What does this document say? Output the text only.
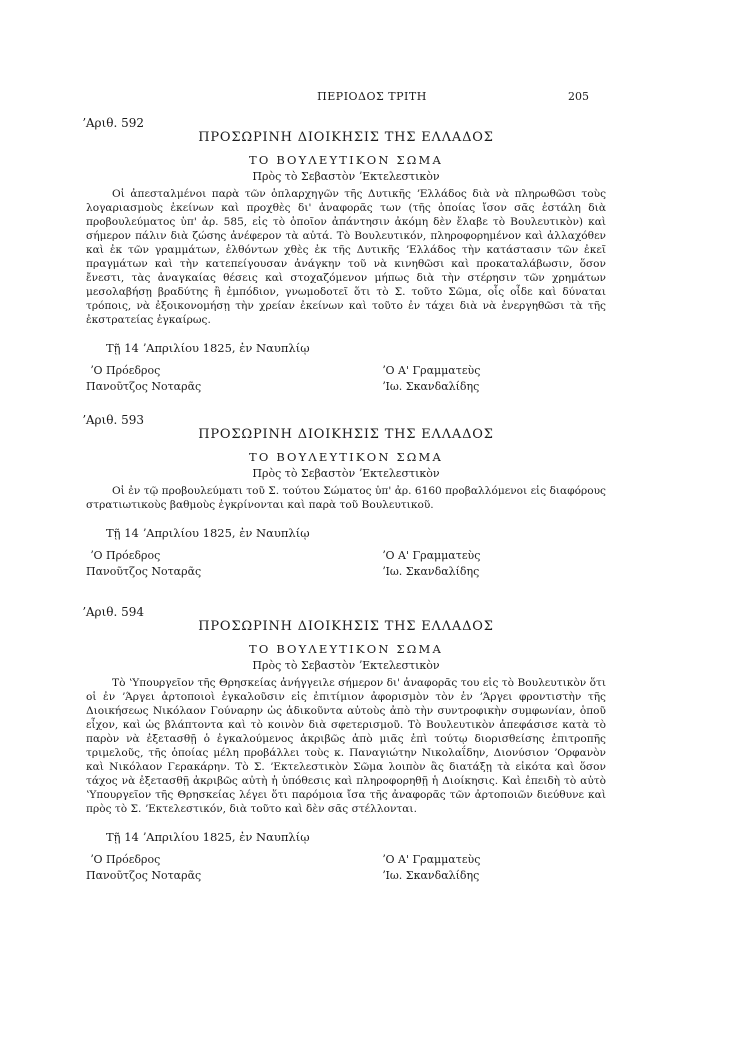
ΠΕΡΙΟΔΟΣ ΤΡΙΤΗ	205
ʼΑριθ. 592
ΠΡΟΣΩΡΙΝΗ ΔΙΟΙΚΗΣΙΣ ΤΗΣ ΕΛΛΑΔΟΣ
ΤΟ ΒΟΥΛΕΥΤΙΚΟΝ ΣΩΜΑ
Πρὸς τὸ Σεβαστὸν ʼΕκτελεστικὸν
Οἱ ἀπεσταλμένοι παρὰ τῶν ὁπλαρχηγῶν τῆς Δυτικῆς ʼΕλλάδος διὰ νὰ πληρωθῶσι τοὺς λογαριασμοὺς ἐκείνων καὶ προχθὲς δι' ἀναφορᾶς των (τῆς ὁποίας ἴσον σᾶς ἐστάλη διὰ προβουλεύματος ὑπ' ἀρ. 585, εἰς τὸ ὁποῖον ἀπάντησιν ἀκόμη δὲν ἔλαβε τὸ Βουλευτικὸν) καὶ σήμερον πάλιν διὰ ζώσης ἀνέφερον τὰ αὐτά. Τὸ Βουλευτικόν, πληροφορημένον καὶ ἀλλαχόθεν καὶ ἐκ τῶν γραμμάτων, ἐλθόντων χθὲς ἐκ τῆς Δυτικῆς ʼΕλλάδος τὴν κατάστασιν τῶν ἐκεῖ πραγμάτων καὶ τὴν κατεπείγουσαν ἀνάγκην τοῦ νὰ κινηθῶσι καὶ προκαταλάβωσιν, ὅσον ἔνεστι, τὰς ἀναγκαίας θέσεις καὶ στοχαζόμενον μήπως διὰ τὴν στέρησιν τῶν χρημάτων μεσολαβήσῃ βραδύτης ἢ ἐμπόδιον, γνωμοδοτεῖ ὅτι τὸ Σ. τοῦτο Σῶμα, οἷς οἶδε καὶ δύναται τρόποις, νὰ ἐξοικονομήσῃ τὴν χρείαν ἐκείνων καὶ τοῦτο ἐν τάχει διὰ νὰ ἐνεργηθῶσι τὰ τῆς ἐκστρατείας ἐγκαίρως.
Τῇ 14 ʼΑπριλίου 1825, ἐν Ναυπλίῳ
ʼΟ Πρόεδρος
Πανοῦτζος Νοταρᾶς
ʼΟ Α' Γραμματεὺς
ʼΙω. Σκανδαλίδης
ʼΑριθ. 593
ΠΡΟΣΩΡΙΝΗ ΔΙΟΙΚΗΣΙΣ ΤΗΣ ΕΛΛΑΔΟΣ
ΤΟ ΒΟΥΛΕΥΤΙΚΟΝ ΣΩΜΑ
Πρὸς τὸ Σεβαστὸν ʼΕκτελεστικὸν
Οἱ ἐν τῷ προβουλεύματι τοῦ Σ. τούτου Σώματος ὑπ' ἀρ. 6160 προβαλλόμενοι εἰς διαφόρους στρατιωτικοὺς βαθμοὺς ἐγκρίνονται καὶ παρὰ τοῦ Βουλευτικοῦ.
Τῇ 14 ʼΑπριλίου 1825, ἐν Ναυπλίῳ
ʼΟ Πρόεδρος
Πανοῦτζος Νοταρᾶς
ʼΟ Α' Γραμματεὺς
ʼΙω. Σκανδαλίδης
ʼΑριθ. 594
ΠΡΟΣΩΡΙΝΗ ΔΙΟΙΚΗΣΙΣ ΤΗΣ ΕΛΛΑΔΟΣ
ΤΟ ΒΟΥΛΕΥΤΙΚΟΝ ΣΩΜΑ
Πρὸς τὸ Σεβαστὸν ʼΕκτελεστικὸν
Τὸ ʽΥπουργεῖον τῆς Θρησκείας ἀνήγγειλε σήμερον δι' ἀναφορᾶς του εἰς τὸ Βουλευτικὸν ὅτι οἱ ἐν ʼΆργει ἀρτοποιοὶ ἐγκαλοῦσιν εἰς ἐπιτίμιον ἀφορισμὸν τὸν ἐν ʼΆργει φροντιστὴν τῆς Διοικήσεως Νικόλαον Γούναρην ὡς ἀδικοῦντα αὐτοὺς ἀπὸ τὴν συντροφικὴν συμφωνίαν, ὁποῦ εἶχον, καὶ ὡς βλάπτοντα καὶ τὸ κοινὸν διὰ σφετερισμοῦ. Τὸ Βουλευτικὸν ἀπεφάσισε κατὰ τὸ παρὸν νὰ ἐξετασθῇ ὁ ἐγκαλούμενος ἀκριβῶς ἀπὸ μιᾶς ἐπὶ τούτῳ διορισθείσης ἐπιτροπῆς τριμελοῦς, τῆς ὁποίας μέλη προβάλλει τοὺς κ. Παναγιώτην Νικολαΐδην, Διονύσιον ʼΟρφανὸν καὶ Νικόλαον Γερακάρην. Τὸ Σ. ʼΕκτελεστικὸν Σῶμα λοιπὸν ἃς διατάξῃ τὰ εἰκότα καὶ ὅσον τάχος νὰ ἐξετασθῇ ἀκριβῶς αὐτὴ ἡ ὑπόθεσις καὶ πληροφορηθῇ ἡ Διοίκησις. Καὶ ἐπειδὴ τὸ αὐτὸ ʽΥπουργεῖον τῆς Θρησκείας λέγει ὅτι παρόμοια ἴσα τῆς ἀναφορᾶς τῶν ἀρτοποιῶν διεύθυνε καὶ πρὸς τὸ Σ. ʼΕκτελεστικόν, διὰ τοῦτο καὶ δὲν σᾶς στέλλονται.
Τῇ 14 ʼΑπριλίου 1825, ἐν Ναυπλίῳ
ʼΟ Πρόεδρος
Πανοῦτζος Νοταρᾶς
ʼΟ Α' Γραμματεὺς
ʼΙω. Σκανδαλίδης
